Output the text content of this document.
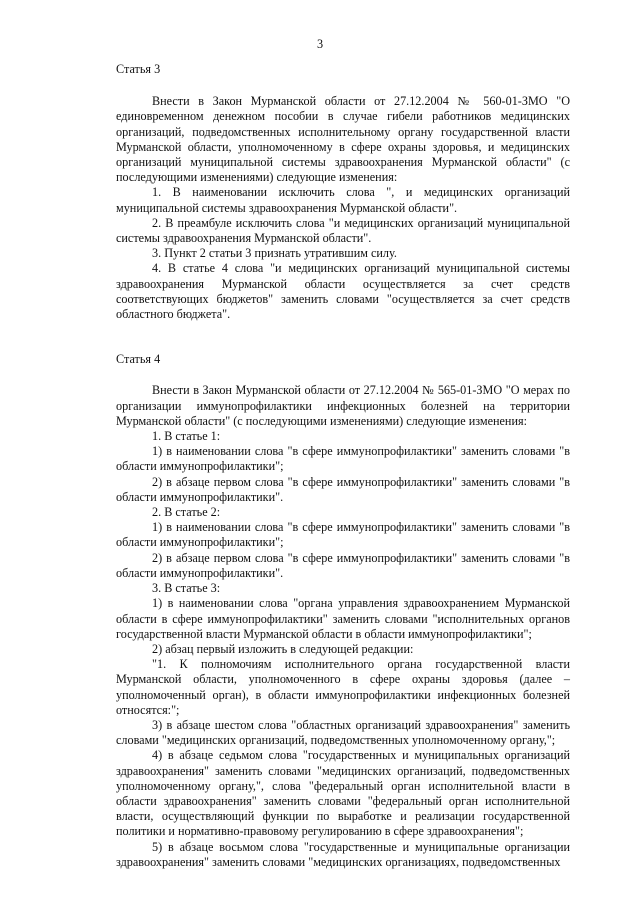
3
Статья 3

Внести в Закон Мурманской области от 27.12.2004 № 560-01-ЗМО "О единовременном денежном пособии в случае гибели работников медицинских организаций, подведомственных исполнительному органу государственной власти Мурманской области, уполномоченному в сфере охраны здоровья, и медицинских организаций муниципальной системы здравоохранения Мурманской области" (с последующими изменениями) следующие изменения:

1. В наименовании исключить слова ", и медицинских организаций муниципальной системы здравоохранения Мурманской области".

2. В преамбуле исключить слова "и медицинских организаций муниципальной системы здравоохранения Мурманской области".

3. Пункт 2 статьи 3 признать утратившим силу.

4. В статье 4 слова "и медицинских организаций муниципальной системы здравоохранения Мурманской области осуществляется за счет средств соответствующих бюджетов" заменить словами "осуществляется за счет средств областного бюджета".

Статья 4

Внести в Закон Мурманской области от 27.12.2004 № 565-01-ЗМО "О мерах по организации иммунопрофилактики инфекционных болезней на территории Мурманской области" (с последующими изменениями) следующие изменения:

1. В статье 1:

1) в наименовании слова "в сфере иммунопрофилактики" заменить словами "в области иммунопрофилактики";

2) в абзаце первом слова "в сфере иммунопрофилактики" заменить словами "в области иммунопрофилактики".

2. В статье 2:

1) в наименовании слова "в сфере иммунопрофилактики" заменить словами "в области иммунопрофилактики";

2) в абзаце первом слова "в сфере иммунопрофилактики" заменить словами "в области иммунопрофилактики".

3. В статье 3:

1) в наименовании слова "органа управления здравоохранением Мурманской области в сфере иммунопрофилактики" заменить словами "исполнительных органов государственной власти Мурманской области в области иммунопрофилактики";

2) абзац первый изложить в следующей редакции:

"1. К полномочиям исполнительного органа государственной власти Мурманской области, уполномоченного в сфере охраны здоровья (далее – уполномоченный орган), в области иммунопрофилактики инфекционных болезней относятся:";

3) в абзаце шестом слова "областных организаций здравоохранения" заменить словами "медицинских организаций, подведомственных уполномоченному органу,";

4) в абзаце седьмом слова "государственных и муниципальных организаций здравоохранения" заменить словами "медицинских организаций, подведомственных уполномоченному органу,", слова "федеральный орган исполнительной власти в области здравоохранения" заменить словами "федеральный орган исполнительной власти, осуществляющий функции по выработке и реализации государственной политики и нормативно-правовому регулированию в сфере здравоохранения";

5) в абзаце восьмом слова "государственные и муниципальные организации здравоохранения" заменить словами "медицинских организациях, подведомственных
